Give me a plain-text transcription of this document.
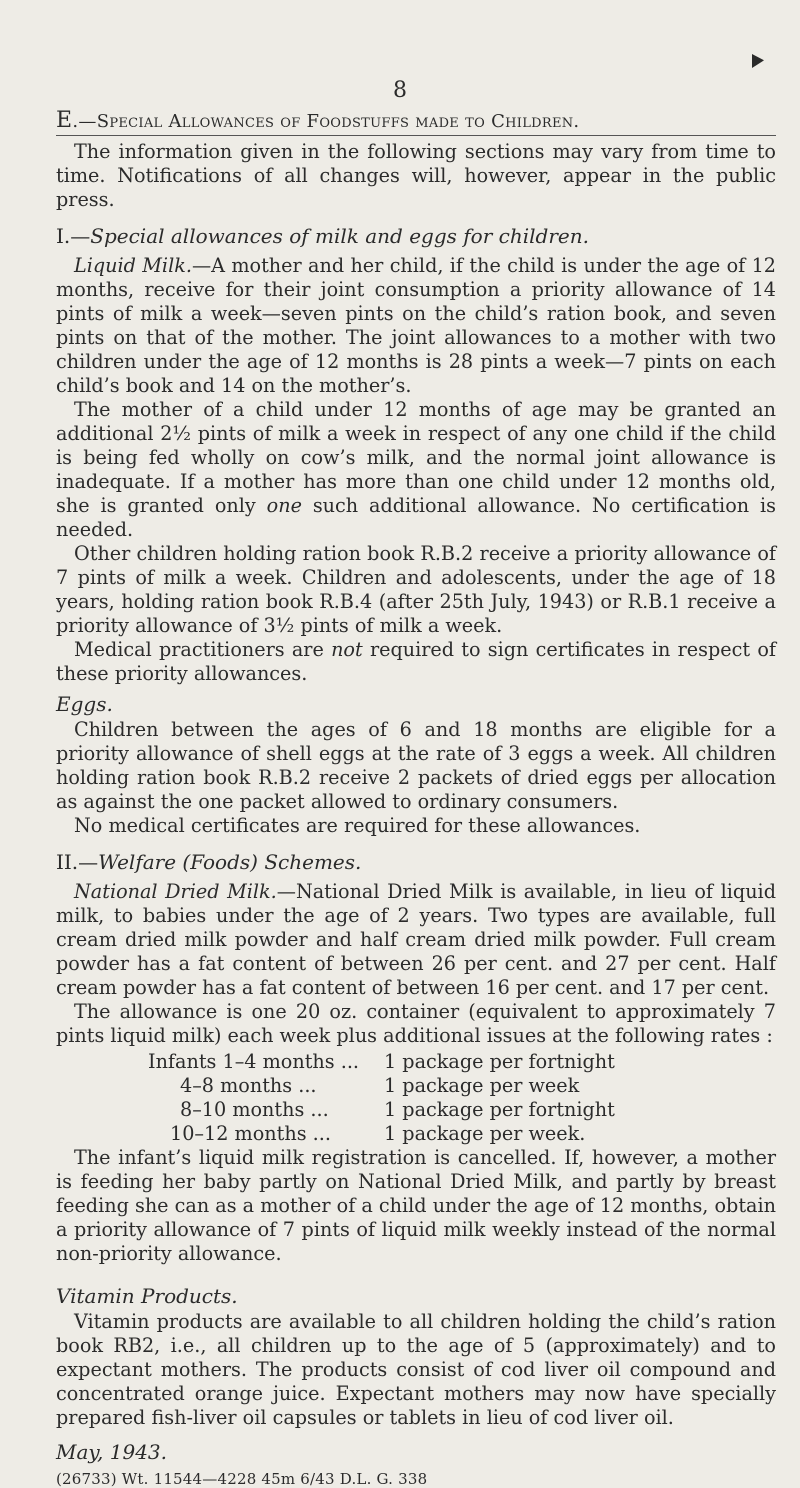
8
E.—Special Allowances of Foodstuffs made to Children.

The information given in the following sections may vary from time to time. Notifications of all changes will, however, appear in the public press.

I.—Special allowances of milk and eggs for children.

Liquid Milk.—A mother and her child, if the child is under the age of 12 months, receive for their joint consumption a priority allowance of 14 pints of milk a week—seven pints on the child’s ration book, and seven pints on that of the mother. The joint allowances to a mother with two children under the age of 12 months is 28 pints a week—7 pints on each child’s book and 14 on the mother’s.

The mother of a child under 12 months of age may be granted an additional 2½ pints of milk a week in respect of any one child if the child is being fed wholly on cow’s milk, and the normal joint allowance is inadequate. If a mother has more than one child under 12 months old, she is granted only one such additional allowance. No certification is needed.

Other children holding ration book R.B.2 receive a priority allowance of 7 pints of milk a week. Children and adolescents, under the age of 18 years, holding ration book R.B.4 (after 25th July, 1943) or R.B.1 receive a priority allowance of 3½ pints of milk a week.

Medical practitioners are not required to sign certificates in respect of these priority allowances.

Eggs.

Children between the ages of 6 and 18 months are eligible for a priority allowance of shell eggs at the rate of 3 eggs a week. All children holding ration book R.B.2 receive 2 packets of dried eggs per allocation as against the one packet allowed to ordinary consumers.

No medical certificates are required for these allowances.

II.—Welfare (Foods) Schemes.

National Dried Milk.—National Dried Milk is available, in lieu of liquid milk, to babies under the age of 2 years. Two types are available, full cream dried milk powder and half cream dried milk powder. Full cream powder has a fat content of between 26 per cent. and 27 per cent. Half cream powder has a fat content of between 16 per cent. and 17 per cent.

The allowance is one 20 oz. container (equivalent to approximately 7 pints liquid milk) each week plus additional issues at the following rates :

Infants 1–4 months ...	1 package per fortnight
4–8 months ...	1 package per week
8–10 months ...	1 package per fortnight
10–12 months ...	1 package per week.

The infant’s liquid milk registration is cancelled. If, however, a mother is feeding her baby partly on National Dried Milk, and partly by breast feeding she can as a mother of a child under the age of 12 months, obtain a priority allowance of 7 pints of liquid milk weekly instead of the normal non-priority allowance.

Vitamin Products.

Vitamin products are available to all children holding the child’s ration book RB2, i.e., all children up to the age of 5 (approximately) and to expectant mothers. The products consist of cod liver oil compound and concentrated orange juice. Expectant mothers may now have specially prepared fish-liver oil capsules or tablets in lieu of cod liver oil.

May, 1943.
(26733) Wt. 11544—4228 45m 6/43 D.L. G. 338
